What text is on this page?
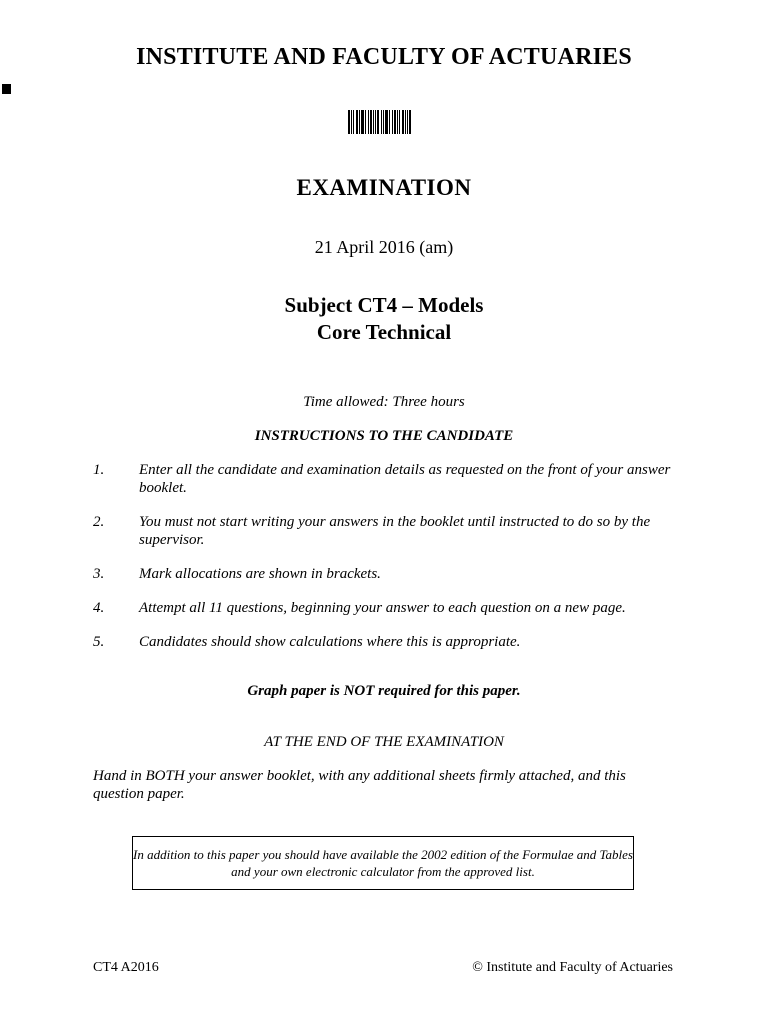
INSTITUTE AND FACULTY OF ACTUARIES
EXAMINATION
21 April 2016 (am)
Subject CT4 – Models
Core Technical
Time allowed: Three hours
INSTRUCTIONS TO THE CANDIDATE
1.	Enter all the candidate and examination details as requested on the front of your answer booklet.
2.	You must not start writing your answers in the booklet until instructed to do so by the supervisor.
3.	Mark allocations are shown in brackets.
4.	Attempt all 11 questions, beginning your answer to each question on a new page.
5.	Candidates should show calculations where this is appropriate.
Graph paper is NOT required for this paper.
AT THE END OF THE EXAMINATION
Hand in BOTH your answer booklet, with any additional sheets firmly attached, and this question paper.
In addition to this paper you should have available the 2002 edition of the Formulae and Tables and your own electronic calculator from the approved list.
CT4 A2016	© Institute and Faculty of Actuaries
